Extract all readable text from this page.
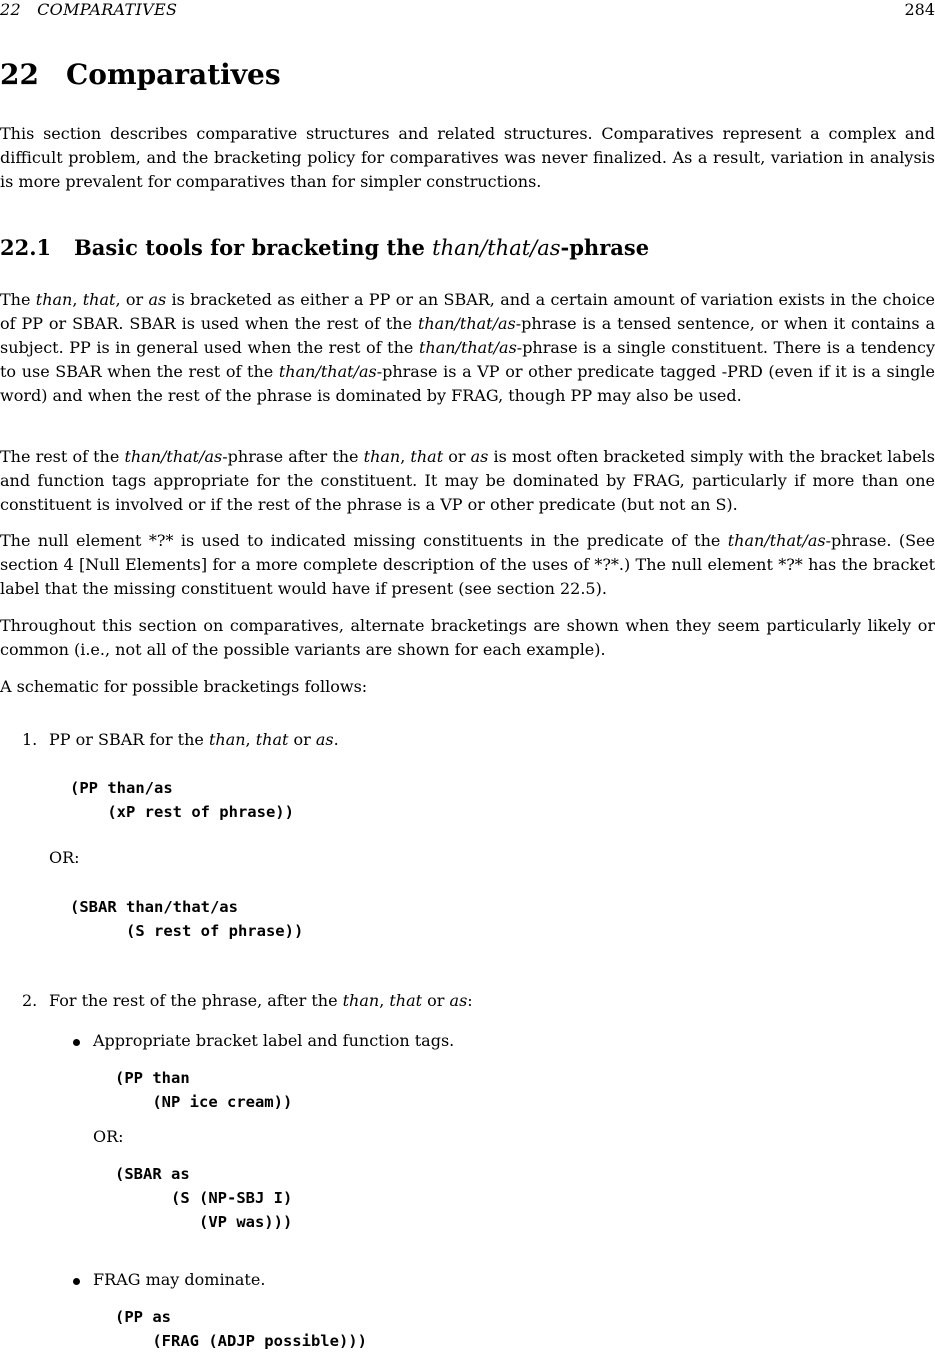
22   COMPARATIVES	284
22 Comparatives
This section describes comparative structures and related structures. Comparatives represent a complex and difficult problem, and the bracketing policy for comparatives was never finalized. As a result, variation in analysis is more prevalent for comparatives than for simpler constructions.
22.1 Basic tools for bracketing the than/that/as-phrase
The than, that, or as is bracketed as either a PP or an SBAR, and a certain amount of variation exists in the choice of PP or SBAR. SBAR is used when the rest of the than/that/as-phrase is a tensed sentence, or when it contains a subject. PP is in general used when the rest of the than/that/as-phrase is a single constituent. There is a tendency to use SBAR when the rest of the than/that/as-phrase is a VP or other predicate tagged -PRD (even if it is a single word) and when the rest of the phrase is dominated by FRAG, though PP may also be used.
The rest of the than/that/as-phrase after the than, that or as is most often bracketed simply with the bracket labels and function tags appropriate for the constituent. It may be dominated by FRAG, particularly if more than one constituent is involved or if the rest of the phrase is a VP or other predicate (but not an S).
The null element *?* is used to indicated missing constituents in the predicate of the than/that/as-phrase. (See section 4 [Null Elements] for a more complete description of the uses of *?*.) The null element *?* has the bracket label that the missing constituent would have if present (see section 22.5).
Throughout this section on comparatives, alternate bracketings are shown when they seem particularly likely or common (i.e., not all of the possible variants are shown for each example).
A schematic for possible bracketings follows:
1. PP or SBAR for the than, that or as.
(PP than/as
(xP rest of phrase))
OR:
(SBAR than/that/as
(S rest of phrase))
2. For the rest of the phrase, after the than, that or as:
Appropriate bracket label and function tags.
(PP than
(NP ice cream))
OR:
(SBAR as
(S (NP-SBJ I)
(VP was)))
FRAG may dominate.
(PP as
(FRAG (ADJP possible)))
